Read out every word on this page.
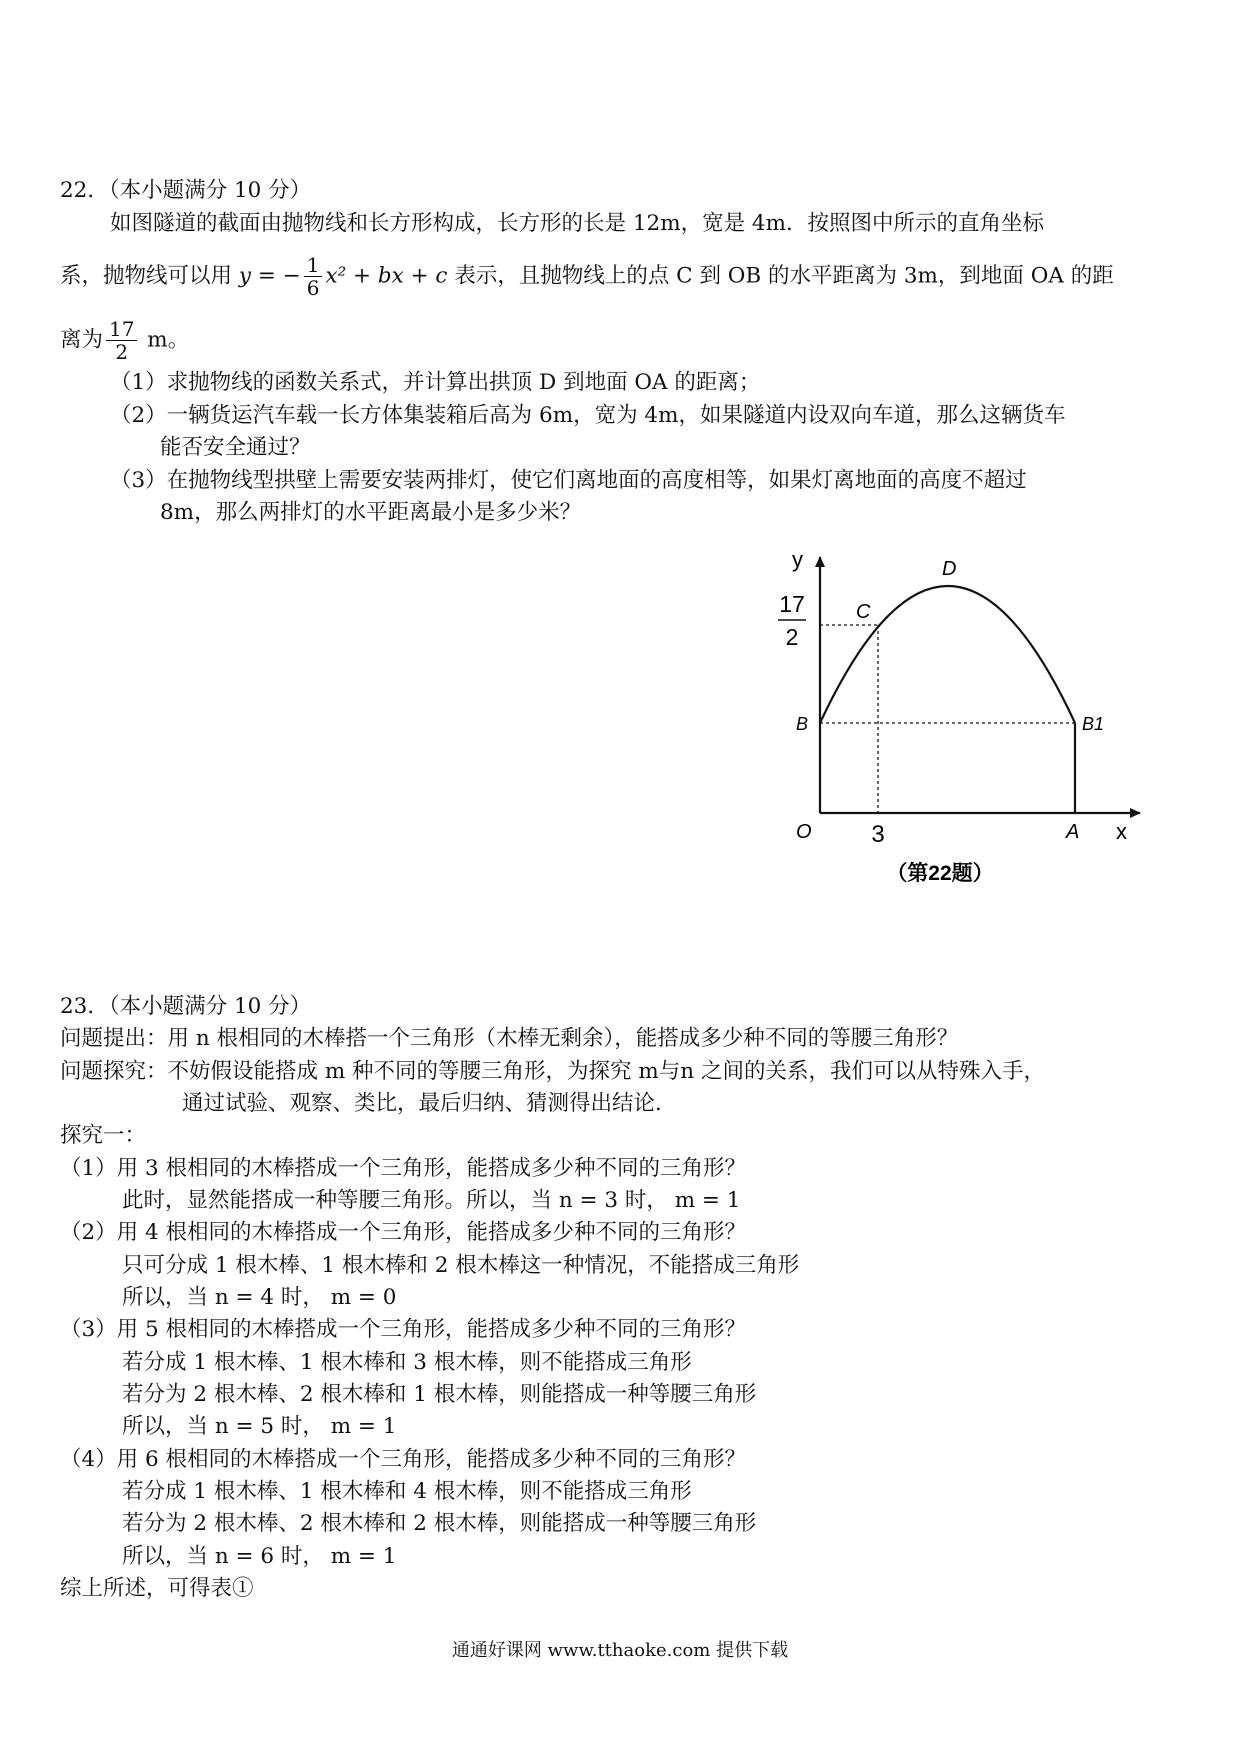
22．（本小题满分 10 分）
如图隧道的截面由抛物线和长方形构成，长方形的长是 12m，宽是 4m．按照图中所示的直角坐标
系，抛物线可以用 y = − $\frac{1}{6} x^2$ + bx + c 表示，且抛物线上的点 C 到 OB 的水平距离为 3m，到地面 OA 的距
离为 $\frac{17}{2}$ m。
（1）求抛物线的函数关系式，并计算出拱顶 D 到地面 OA 的距离；
（2）一辆货运汽车载一长方体集装箱后高为 6m，宽为 4m，如果隧道内设双向车道，那么这辆货车
能否安全通过？
（3）在抛物线型拱壁上需要安装两排灯，使它们离地面的高度相等，如果灯离地面的高度不超过
8m，那么两排灯的水平距离最小是多少米？
y
x
D
C
B	B1
O	A
3
17
2
（第22题）
23．（本小题满分 10 分）
问题提出：用 n 根相同的木棒搭一个三角形（木棒无剩余），能搭成多少种不同的等腰三角形？
问题探究：不妨假设能搭成 m 种不同的等腰三角形，为探究 m与n 之间的关系，我们可以从特殊入手，
通过试验、观察、类比，最后归纳、猜测得出结论．
探究一：
（1）用 3 根相同的木棒搭成一个三角形，能搭成多少种不同的三角形？
此时，显然能搭成一种等腰三角形。所以，当 n = 3 时， m = 1
（2）用 4 根相同的木棒搭成一个三角形，能搭成多少种不同的三角形？
只可分成 1 根木棒、1 根木棒和 2 根木棒这一种情况，不能搭成三角形
所以，当 n = 4 时， m = 0
（3）用 5 根相同的木棒搭成一个三角形，能搭成多少种不同的三角形？
若分成 1 根木棒、1 根木棒和 3 根木棒，则不能搭成三角形
若分为 2 根木棒、2 根木棒和 1 根木棒，则能搭成一种等腰三角形
所以，当 n = 5 时， m = 1
（4）用 6 根相同的木棒搭成一个三角形，能搭成多少种不同的三角形？
若分成 1 根木棒、1 根木棒和 4 根木棒，则不能搭成三角形
若分为 2 根木棒、2 根木棒和 2 根木棒，则能搭成一种等腰三角形
所以，当 n = 6 时， m = 1
综上所述，可得表①
通通好课网 www.tthaoke.com 提供下载
